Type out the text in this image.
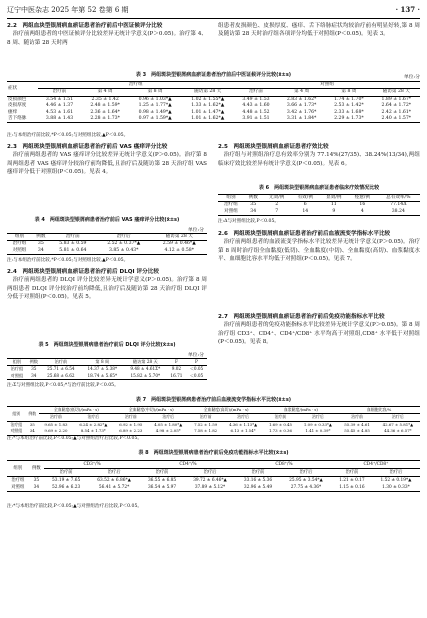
辽宁中医杂志 2025 年第 52 卷第 6 期	· 137 ·
2.2　两组血块型银屑病血瘀证患者治疗前后中医证候评分比较

治疗前两组患者的中医证候评分比较差异无统计学意义(P＞0.05)。治疗第 4、8 周、随访第 28 天时两

组患者皮损颜色、皮损厚度、瘙痒、舌下络脉症状均较治疗前有明显好转,第 8 周及随访第 28 天时治疗组各项评分均低于对照组(P＜0.05)。见表 3。

表 3　两组斑块型银屑病血瘀证患者治疗前后中医证候评分比较(x̄±s)	单位:分
症状	治疗组				对照组			
	治疗前	第 4 周	第 8 周	随访第 28 天	治疗前	第 4 周	第 8 周	随访第 28 天
皮损颜色	3.54 ± 1.51	2.35 ± 1.42	0.96 ± 1.03*▲	1.02 ± 1.55*▲	3.49 ± 1.53	2.83 ± 1.62*	1.74 ± 1.70*	1.89 ± 1.67*
皮损厚度	4.46 ± 1.37	2.48 ± 1.59*	1.25 ± 1.77*▲	1.33 ± 1.62*▲	4.43 ± 1.60	3.66 ± 1.73*	2.53 ± 1.42*	2.64 ± 1.72*
瘙痒	4.53 ± 1.61	2.36 ± 1.64*	0.98 ± 1.49*▲	1.01 ± 1.47*▲	4.48 ± 1.52	3.42 ± 1.76*	2.33 ± 1.68*	2.42 ± 1.61*
舌下络脉	3.88 ± 1.43	2.28 ± 1.73*	0.97 ± 1.59*▲	1.01 ± 1.62*▲	3.91 ± 1.51	3.31 ± 1.84*	2.29 ± 1.73*	2.40 ± 1.57*
注:与本组治疗前比较,*P＜0.05;与对照组比较,▲P＜0.05。
2.3　两组斑块型银屑病血瘀证患者治疗前后 VAS 瘙痒评分比较

治疗前两组患者的 VAS 瘙痒评分比较差异无统计学意义(P＞0.05)。治疗第 8 周两组患者 VAS 瘙痒评分较治疗前均降低,且治疗后及随访第 28 天治疗组 VAS 瘙痒评分低于对照组(P＜0.05)。见表 4。

表 4　两组斑块型银屑病患者治疗前后 VAS 瘙痒评分比较(x̄±s)
单位:分
组别	例数	治疗前	治疗后	随访第 28 天
治疗组	35	5.83 ± 0.59	2.52 ± 0.37*▲	2.59 ± 0.46*▲
对照组	34	5.81 ± 0.64	3.85 ± 0.43*	4.12 ± 0.58*
注:与本组治疗前比较,*P＜0.05;与对照组比较,▲P＜0.05。
2.4　两组斑块型银屑病血瘀证患者治疗前后 DLQI 评分比较

治疗前两组患者的 DLQI 评分比较差异无统计学意义(P＞0.05)。治疗第 8 周两组患者 DLQI 评分较治疗前均降低,且治疗后及随访第 28 天治疗组 DLQI 评分低于对照组(P＜0.05)。见表 5。

表 5　两组斑块型银屑病患者治疗前后 DLQI 评分比较(x̄±s)
单位:分
组别	例数	治疗前	第 8 周	随访第 28 天	F	P
治疗组	35	25.71 ± 6.54	14.37 ± 5.38*	9.48 ± 4.61Σ*	9.02	＜0.05
对照组	34	25.68 ± 6.62	18.74 ± 5.65*	15.82 ± 5.70*	16.71	＜0.05
注:Σ与对照组比较,P＜0.05;*与治疗前比较,P＜0.05。
2.5　两组斑块型银屑病血瘀证患者疗效比较

治疗组与对照组治疗总有效率分别为 77.14%(27/35)、38.24%(13/34),两组临床疗效比较差异有统计学意义(P＜0.05)。见表 6。

表 6　两组斑块型银屑病血瘀证患者临床疗效情况比较
组别	例数	无效/例	有效/例	显效/例	痊愈/例	总有效率/%
治疗组	35	2	6	11	16	77.14Δ
对照组	34	7	14	9	4	38.24
注:Δ与对照组比较,P＜0.05。
2.6　两组斑块型银屑病血瘀证患者治疗前后血液流变学指标水平比较

治疗前两组患者的血液流变学指标水平比较差异无统计学意义(P＞0.05)。治疗第 8 周时治疗组全血黏度(低切)、全血黏度(中切)、全血黏度(高切)、血浆黏度水平、血细胞比容水平均低于对照组(P＜0.05)。见表 7。

2.7　两组斑块型银屑病血瘀证患者治疗前后免疫功能指标水平比较

治疗前两组患者的免疫功能指标水平比较差异无统计学意义(P＞0.05)。第 8 周治疗组 CD3⁺、CD4⁺、CD4⁺/CD8⁺ 水平均高于对照组,CD8⁺ 水平低于对照组(P＜0.05)。见表 8。

表 7　两组斑块型银屑病患者治疗前后血液流变学指标水平比较(x̄±s)
组别	例数	全血黏度(低切)/(mPa · s)		全血黏度(中切)/(mPa · s)		全血黏度(高切)/(mPa · s)		血浆黏度/(mPa · s)		血细胞比容/%	
		治疗前	治疗后	治疗前	治疗后	治疗前	治疗后	治疗前	治疗后	治疗前	治疗后
治疗组	35	9.65 ± 1.83	6.24 ± 2.82*▲	6.92 ± 1.95	4.05 ± 1.80*▲	7.52 ± 1.59	4.36 ± 1.13*▲	1.69 ± 0.45	1.09 ± 0.33*▲	55.39 ± 4.61	42.67 ± 5.81*▲
对照组	34	9.69 ± 2.20	8.54 ± 1.73*	6.89 ± 2.23	4.98 ± 2.05*	7.58 ± 1.82	6.13 ± 1.54*	1.73 ± 0.36	1.41 ± 0.39*	55.45 ± 4.85	44.36 ± 6.57*
注:*与本组治疗前比较,P＜0.05;▲与对照组治疗后比较,P＜0.05。
表 8　两组斑块型银屑病患者治疗前后免疫功能指标水平比较(x̄±s)
组别	例数	CD3⁺/%		CD4⁺/%		CD8⁺/%		CD4⁺/CD8⁺	
		治疗前	治疗后	治疗前	治疗后	治疗前	治疗后	治疗前	治疗后
治疗组	35	53.19 ± 7.65	63.52 ± 6.86*▲	36.55 ± 6.85	39.72 ± 6.46*▲	33.16 ± 5.36	25.95 ± 3.54*▲	1.21 ± 0.17	1.52 ± 0.19*▲
对照组	34	52.96 ± 6.23	56.41 ± 5.72*	36.54 ± 5.97	37.89 ± 5.12*	32.96 ± 5.49	27.75 ± 4.36*	1.15 ± 0.16	1.30 ± 0.33*
注:*与本组治疗前比较,P＜0.05;▲与对照组治疗后比较,P＜0.05。
